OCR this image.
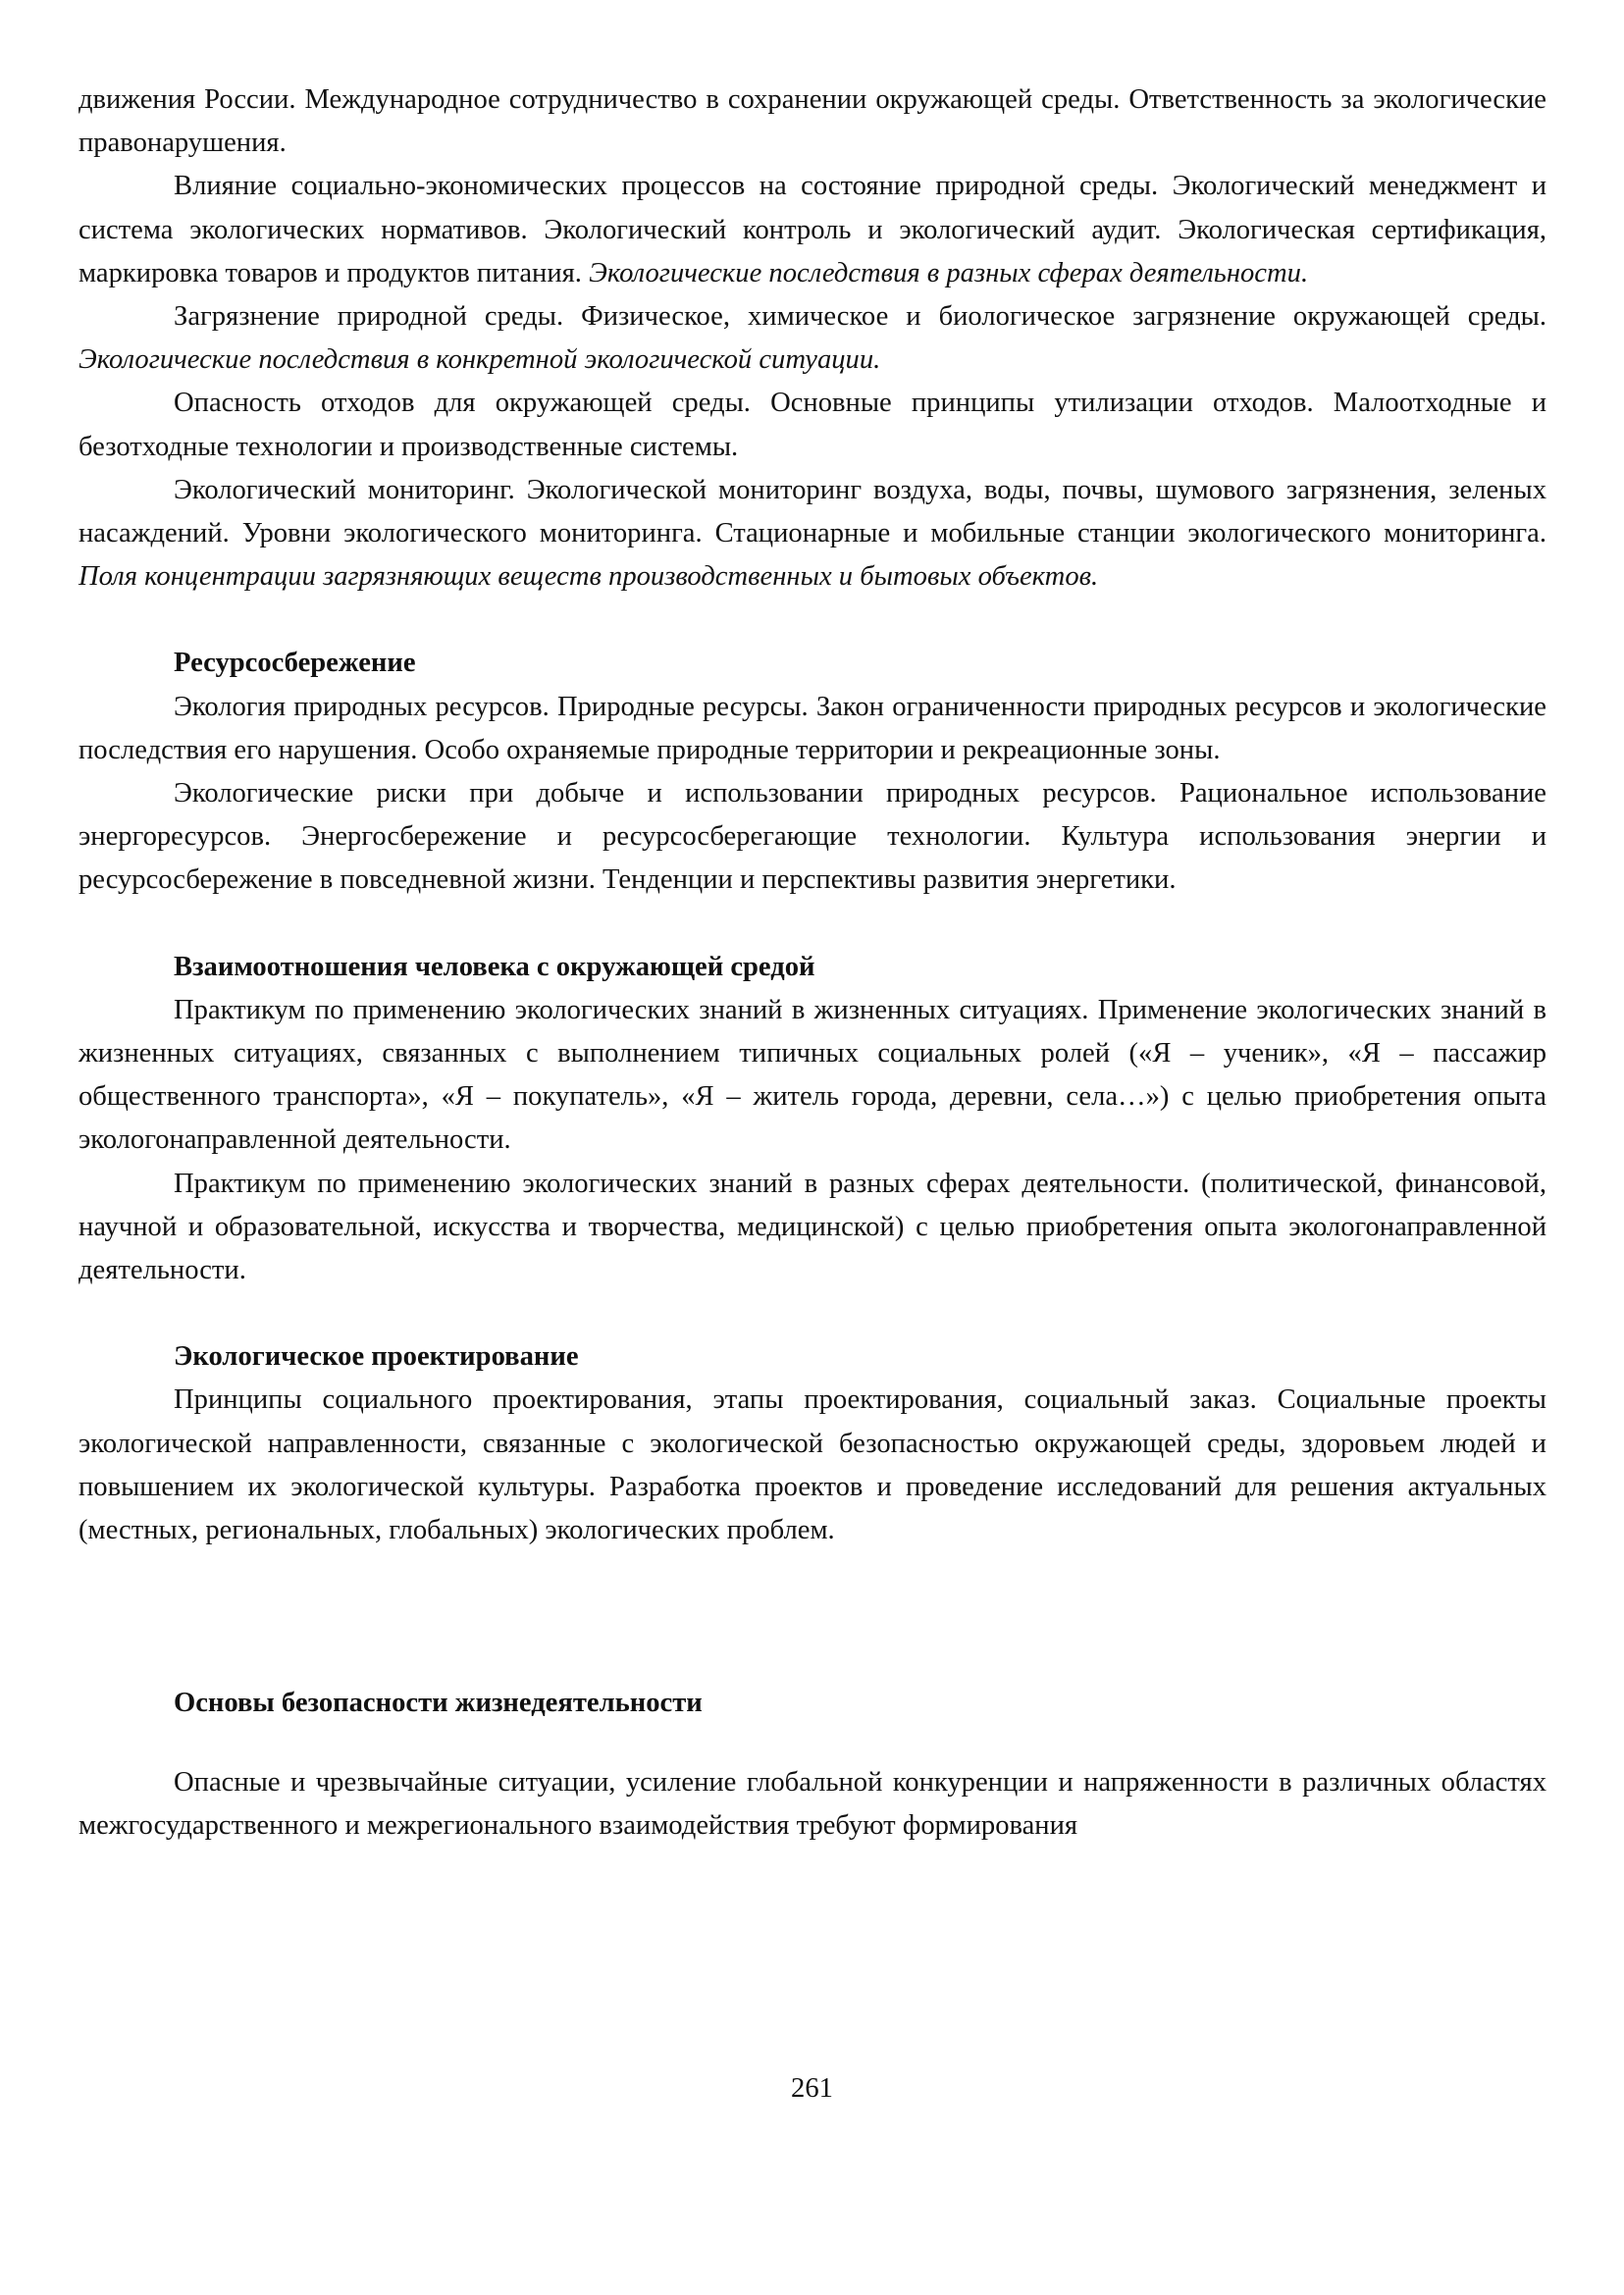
движения России. Международное сотрудничество в сохранении окружающей среды. Ответственность за экологические правонарушения.

Влияние социально-экономических процессов на состояние природной среды. Экологический менеджмент и система экологических нормативов. Экологический контроль и экологический аудит. Экологическая сертификация, маркировка товаров и продуктов питания. Экологические последствия в разных сферах деятельности.

Загрязнение природной среды. Физическое, химическое и биологическое загрязнение окружающей среды. Экологические последствия в конкретной экологической ситуации.

Опасность отходов для окружающей среды. Основные принципы утилизации отходов. Малоотходные и безотходные технологии и производственные системы.

Экологический мониторинг. Экологической мониторинг воздуха, воды, почвы, шумового загрязнения, зеленых насаждений. Уровни экологического мониторинга. Стационарные и мобильные станции экологического мониторинга. Поля концентрации загрязняющих веществ производственных и бытовых объектов.

Ресурсосбережение

Экология природных ресурсов. Природные ресурсы. Закон ограниченности природных ресурсов и экологические последствия его нарушения. Особо охраняемые природные территории и рекреационные зоны.

Экологические риски при добыче и использовании природных ресурсов. Рациональное использование энергоресурсов. Энергосбережение и ресурсосберегающие технологии. Культура использования энергии и ресурсосбережение в повседневной жизни. Тенденции и перспективы развития энергетики.

Взаимоотношения человека с окружающей средой

Практикум по применению экологических знаний в жизненных ситуациях. Применение экологических знаний в жизненных ситуациях, связанных с выполнением типичных социальных ролей («Я – ученик», «Я – пассажир общественного транспорта», «Я – покупатель», «Я – житель города, деревни, села…») с целью приобретения опыта экологонаправленной деятельности.

Практикум по применению экологических знаний в разных сферах деятельности. (политической, финансовой, научной и образовательной, искусства и творчества, медицинской) с целью приобретения опыта экологонаправленной деятельности.

Экологическое проектирование

Принципы социального проектирования, этапы проектирования, социальный заказ. Социальные проекты экологической направленности, связанные с экологической безопасностью окружающей среды, здоровьем людей и повышением их экологической культуры. Разработка проектов и проведение исследований для решения актуальных (местных, региональных, глобальных) экологических проблем.

Основы безопасности жизнедеятельности

Опасные и чрезвычайные ситуации, усиление глобальной конкуренции и напряженности в различных областях межгосударственного и межрегионального взаимодействия требуют формирования

261
